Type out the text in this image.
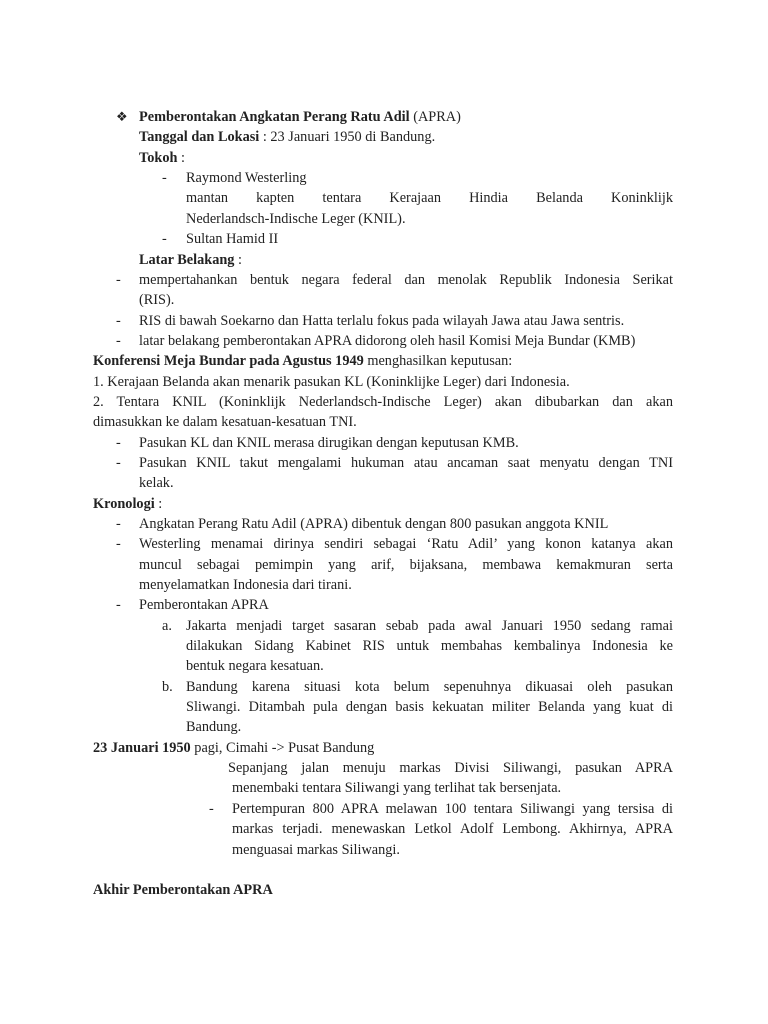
❖ Pemberontakan Angkatan Perang Ratu Adil (APRA)
Tanggal dan Lokasi : 23 Januari 1950 di Bandung.
Tokoh :
- Raymond Westerling
mantan kapten tentara Kerajaan Hindia Belanda Koninklijk
Nederlandsch-Indische Leger (KNIL).
- Sultan Hamid II
Latar Belakang :
- mempertahankan bentuk negara federal dan menolak Republik Indonesia Serikat
(RIS).
- RIS di bawah Soekarno dan Hatta terlalu fokus pada wilayah Jawa atau Jawa sentris.
- latar belakang pemberontakan APRA didorong oleh hasil Komisi Meja Bundar (KMB)
Konferensi Meja Bundar pada Agustus 1949 menghasilkan keputusan:
1. Kerajaan Belanda akan menarik pasukan KL (Koninklijke Leger) dari Indonesia.
2. Tentara KNIL (Koninklijk Nederlandsch-Indische Leger) akan dibubarkan dan akan
dimasukkan ke dalam kesatuan-kesatuan TNI.
- Pasukan KL dan KNIL merasa dirugikan dengan keputusan KMB.
- Pasukan KNIL takut mengalami hukuman atau ancaman saat menyatu dengan TNI
kelak.
Kronologi :
- Angkatan Perang Ratu Adil (APRA) dibentuk dengan 800 pasukan anggota KNIL
- Westerling menamai dirinya sendiri sebagai ‘Ratu Adil’ yang konon katanya akan
muncul sebagai pemimpin yang arif, bijaksana, membawa kemakmuran serta
menyelamatkan Indonesia dari tirani.
- Pemberontakan APRA
a. Jakarta menjadi target sasaran sebab pada awal Januari 1950 sedang ramai
dilakukan Sidang Kabinet RIS untuk membahas kembalinya Indonesia ke
bentuk negara kesatuan.
b. Bandung karena situasi kota belum sepenuhnya dikuasai oleh pasukan
Sliwangi. Ditambah pula dengan basis kekuatan militer Belanda yang kuat di
Bandung.
23 Januari 1950 pagi, Cimahi -> Pusat Bandung
Sepanjang jalan menuju markas Divisi Siliwangi, pasukan APRA
menembaki tentara Siliwangi yang terlihat tak bersenjata.
- Pertempuran 800 APRA melawan 100 tentara Siliwangi yang tersisa di
markas terjadi. menewaskan Letkol Adolf Lembong. Akhirnya, APRA
menguasai markas Siliwangi.
Akhir Pemberontakan APRA
